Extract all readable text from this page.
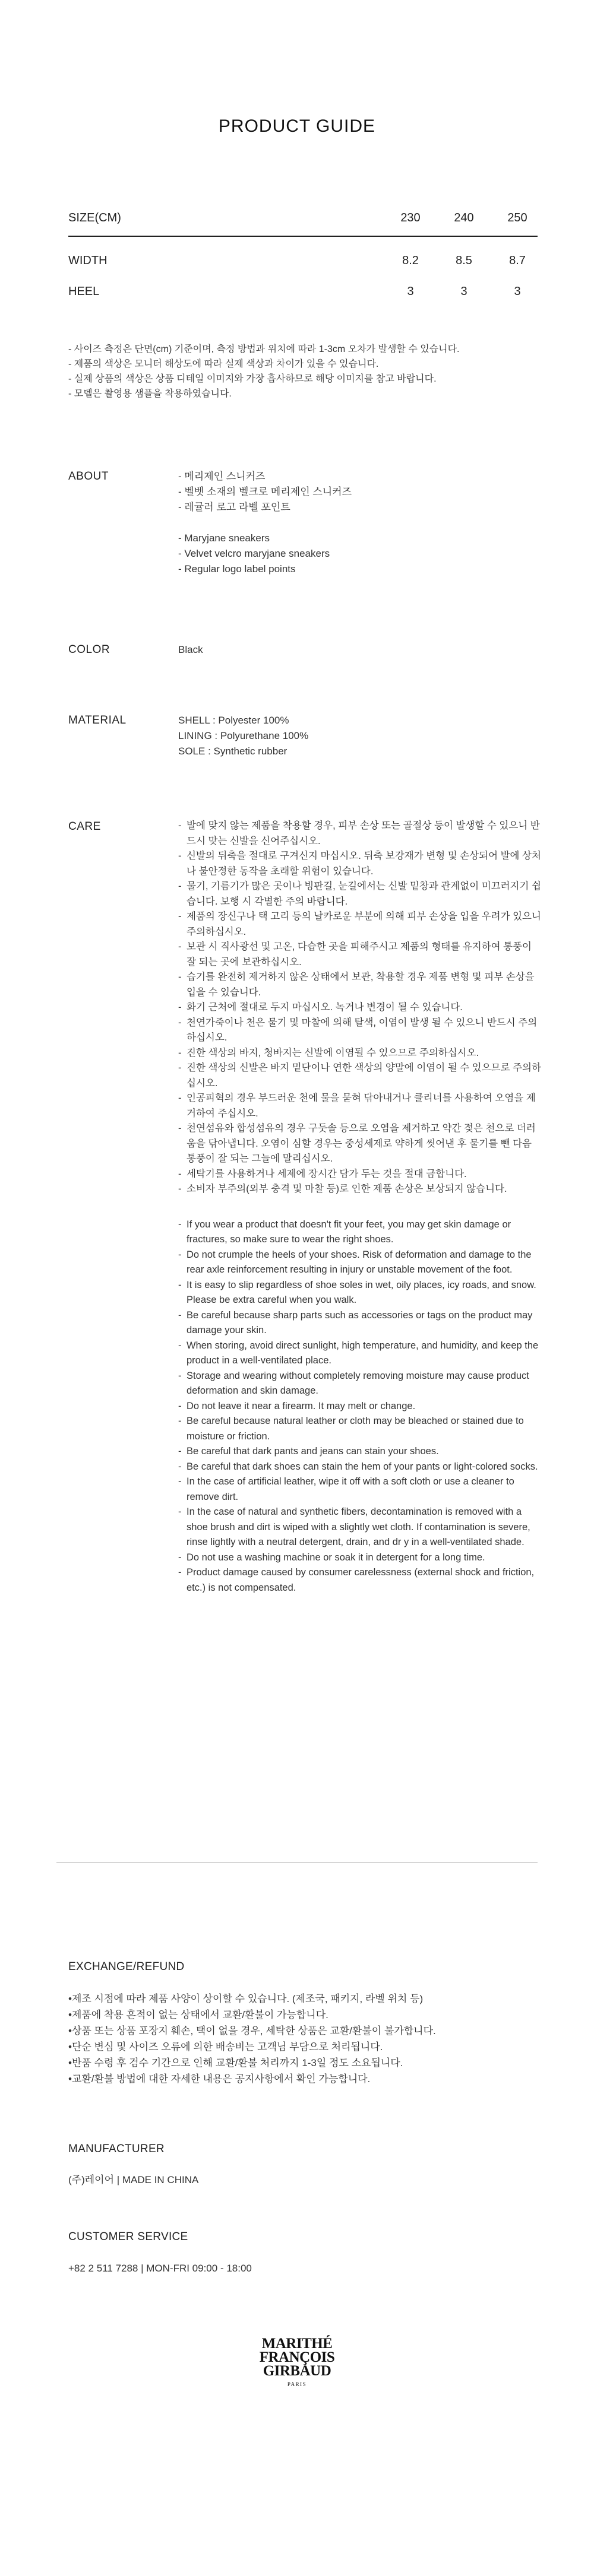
PRODUCT GUIDE
SIZE(CM)	230	240	250
WIDTH	8.2	8.5	8.7
HEEL	3	3	3

- 사이즈 측정은 단면(cm) 기준이며, 측정 방법과 위치에 따라 1-3cm 오차가 발생할 수 있습니다.

- 제품의 색상은 모니터 해상도에 따라 실제 색상과 차이가 있을 수 있습니다.

- 실제 상품의 색상은 상품 디테일 이미지와 가장 흡사하므로 해당 이미지를 참고 바랍니다.

- 모델은 촬영용 샘플을 착용하였습니다.

ABOUT	- 메리제인 스니커즈

- 벨벳 소재의 벨크로 메리제인 스니커즈

- 레귤러 로고 라벨 포인트

- Maryjane sneakers

- Velvet velcro maryjane sneakers

- Regular logo label points

COLOR	Black
MATERIAL	SHELL : Polyester 100%

LINING : Polyurethane 100%

SOLE : Synthetic rubber

CARE
-	발에 맞지 않는 제품을 착용할 경우, 피부 손상 또는 골절상 등이 발생할 수 있으니 반드시 맞는 신발을 신어주십시오.
- 신발의 뒤축을 절대로 구겨신지 마십시오. 뒤축 보강재가 변형 및 손상되어 발에 상처나 불안정한 동작을 초래할 위험이 있습니다.
- 물기, 기름기가 많은 곳이나 빙판길, 눈길에서는 신발 밑창과 관계없이 미끄러지기 쉽습니다. 보행 시 각별한 주의 바랍니다.
- 제품의 장신구나 택 고리 등의 날카로운 부분에 의해 피부 손상을 입을 우려가 있으니 주의하십시오.
- 보관 시 직사광선 및 고온, 다습한 곳을 피해주시고 제품의 형태를 유지하여 통풍이 잘 되는 곳에 보관하십시오.
- 습기를 완전히 제거하지 않은 상태에서 보관, 착용할 경우 제품 변형 및 피부 손상을 입을 수 있습니다.
- 화기 근처에 절대로 두지 마십시오. 녹거나 변경이 될 수 있습니다.
- 천연가죽이나 천은 물기 및 마찰에 의해 탈색, 이염이 발생 될 수 있으니 반드시 주의하십시오.
- 진한 색상의 바지, 청바지는 신발에 이염될 수 있으므로 주의하십시오.
- 진한 색상의 신발은 바지 밑단이나 연한 색상의 양말에 이염이 될 수 있으므로 주의하십시오.
- 인공피혁의 경우 부드러운 천에 물을 묻혀 닦아내거나 클리너를 사용하여 오염을 제거하여 주십시오.
- 천연섬유와 합성섬유의 경우 구둣솔 등으로 오염을 제거하고 약간 젖은 천으로 더러움을 닦아냅니다. 오염이 심할 경우는 중성세제로 약하게 씻어낸 후 물기를 뺀 다음 통풍이 잘 되는 그늘에 말리십시오.
- 세탁기를 사용하거나 세제에 장시간 담가 두는 것을 절대 금합니다.
- 소비자 부주의(외부 충격 및 마찰 등)로 인한 제품 손상은 보상되지 않습니다.
- If you wear a product that doesn't fit your feet, you may get skin damage or fractures, so make sure to wear the right shoes.
- Do not crumple the heels of your shoes. Risk of deformation and damage to the rear axle reinforcement resulting in injury or unstable movement of the foot.
- It is easy to slip regardless of shoe soles in wet, oily places, icy roads, and snow. Please be extra careful when you walk.
- Be careful because sharp parts such as accessories or tags on the product may damage your skin.
- When storing, avoid direct sunlight, high temperature, and humidity, and keep the product in a well-ventilated place.
- Storage and wearing without completely removing moisture may cause product deformation and skin damage.
- Do not leave it near a firearm. It may melt or change.
- Be careful because natural leather or cloth may be bleached or stained due to moisture or friction.
- Be careful that dark pants and jeans can stain your shoes.
- Be careful that dark shoes can stain the hem of your pants or light-colored socks.
- In the case of artificial leather, wipe it off with a soft cloth or use a cleaner to remove dirt.
- In the case of natural and synthetic fibers, decontamination is removed with a shoe brush and dirt is wiped with a slightly wet cloth. If contamination is severe, rinse lightly with a neutral detergent, drain, and dr y in a well-ventilated shade.
- Do not use a washing machine or soak it in detergent for a long time.
- Product damage caused by consumer carelessness (external shock and friction, etc.) is not compensated.
EXCHANGE/REFUND

•제조 시점에 따라 제품 사양이 상이할 수 있습니다. (제조국, 패키지, 라벨 위치 등)

•제품에 착용 흔적이 없는 상태에서 교환/환불이 가능합니다.

•상품 또는 상품 포장지 훼손, 택이 없을 경우, 세탁한 상품은 교환/환불이 불가합니다.

•단순 변심 및 사이즈 오류에 의한 배송비는 고객님 부담으로 처리됩니다.

•반품 수령 후 검수 기간으로 인해 교환/환불 처리까지 1-3일 정도 소요됩니다.

•교환/환불 방법에 대한 자세한 내용은 공지사항에서 확인 가능합니다.

MANUFACTURER
(주)레이어 | MADE IN CHINA
CUSTOMER SERVICE
+82 2 511 7288 | MON-FRI 09:00 - 18:00
MARITHÉ
FRANÇOIS
GIRBAUD
PARIS
